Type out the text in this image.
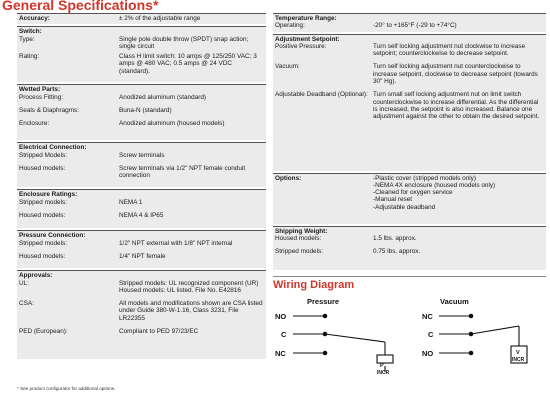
General Specifications*
Accuracy:	± 2% of the adjustable range
Switch:
Type:	Single pole double throw (SPDT) snap action; single circuit
Rating:	Class H limit switch: 10 amps @ 125/250 VAC; 3 amps @ 480 VAC; 0.5 amps @ 24 VDC (standard).
Wetted Parts:
Process Fitting:	Anodized aluminum (standard)
Seals & Diaphragms:	Buna-N (standard)
Enclosure:	Anodized aluminum (housed models)
Electrical Connection:
Stripped Models:	Screw terminals
Housed models:	Screw terminals via 1/2" NPT female conduit connection
Enclosure Ratings:
Stripped models:	NEMA 1
Housed models:	NEMA 4 & IP65
Pressure Connection:
Stripped models:	1/2" NPT external with 1/8" NPT internal
Housed models:	1/4" NPT female
Approvals:
UL:	Stripped models: UL recognized component (UR)
Housed models: UL listed. File No. E42816
CSA:	All models and modifications shown are CSA listed under Guide 380-W-1.16, Class 3231, File LR22355
PED (European):	Compliant to PED 97/23/EC
Temperature Range:
Operating:	-20° to +165°F (-29 to +74°C)
Adjustment Setpoint:
Positive Pressure:	Turn self locking adjustment nut clockwise to increase setpoint; counterclockwise to decrease setpoint.
Vacuum:	Turn self locking adjustment nut counterclockwise to increase setpoint, clockwise to decrease setpoint (towards 30" Hg).
Adjustable Deadband (Optional): Turn small self locking adjustment nut on limit switch counterclockwise to increase differential. As the differential is increased, the setpoint is also increased. Balance one adjustment against the other to obtain the desired setpoint.
Options:	-Plastic cover (stripped models only)
-NEMA 4X enclosure (housed models only)
-Cleaned for oxygen service
-Manual reset
-Adjustable deadband
Shipping Weight:
Housed models:	1.5 lbs. approx.
Stripped models:	0.75 lbs. approx.
Wiring Diagram
Pressure
NO
C
NC
P
INCR
Vacuum
NC
C
NO	V
INCR
* See product configurator for additional options.
